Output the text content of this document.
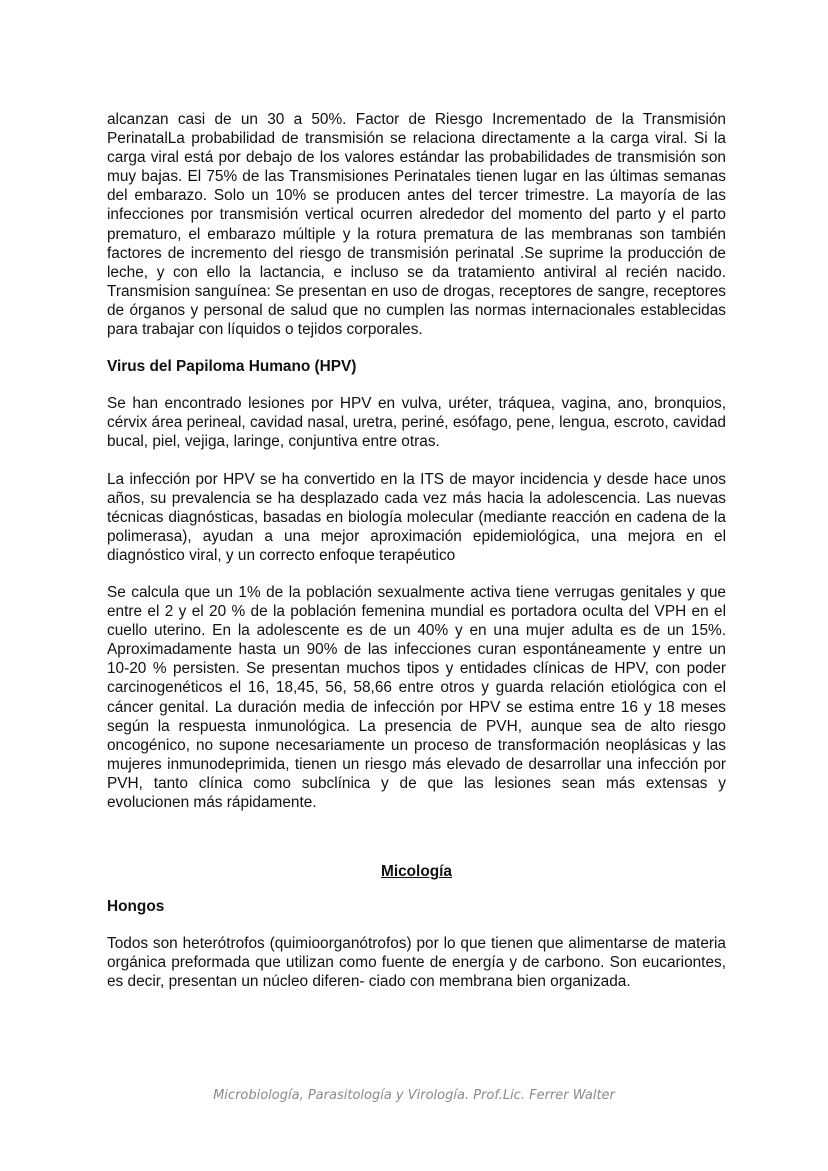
alcanzan casi de un 30 a 50%. Factor de Riesgo Incrementado de la Transmisión PerinatalLa probabilidad de transmisión se relaciona directamente a la carga viral. Si la carga viral está por debajo de los valores estándar las probabilidades de transmisión son muy bajas. El 75% de las Transmisiones Perinatales tienen lugar en las últimas semanas del embarazo. Solo un 10% se producen antes del tercer trimestre. La mayoría de las infecciones por transmisión vertical ocurren alrededor del momento del parto y el parto prematuro, el embarazo múltiple y la rotura prematura de las membranas son también factores de incremento del riesgo de transmisión perinatal .Se suprime la producción de leche, y con ello la lactancia, e incluso se da tratamiento antiviral al recién nacido. Transmision sanguínea: Se presentan en uso de drogas, receptores de sangre, receptores de órganos y personal de salud que no cumplen las normas internacionales establecidas para trabajar con líquidos o tejidos corporales.

Virus del Papiloma Humano (HPV)

Se han encontrado lesiones por HPV en vulva, uréter, tráquea, vagina, ano, bronquios, cérvix área perineal, cavidad nasal, uretra, periné, esófago, pene, lengua, escroto, cavidad bucal, piel, vejiga, laringe, conjuntiva entre otras.

La infección por HPV se ha convertido en la ITS de mayor incidencia y desde hace unos años, su prevalencia se ha desplazado cada vez más hacia la adolescencia. Las nuevas técnicas diagnósticas, basadas en biología molecular (mediante reacción en cadena de la polimerasa), ayudan a una mejor aproximación epidemiológica, una mejora en el diagnóstico viral, y un correcto enfoque terapéutico

Se calcula que un 1% de la población sexualmente activa tiene verrugas genitales y que entre el 2 y el 20 % de la población femenina mundial es portadora oculta del VPH en el cuello uterino. En la adolescente es de un 40% y en una mujer adulta es de un 15%. Aproximadamente hasta un 90% de las infecciones curan espontáneamente y entre un 10-20 % persisten. Se presentan muchos tipos y entidades clínicas de HPV, con poder carcinogenéticos el 16, 18,45, 56, 58,66 entre otros y guarda relación etiológica con el cáncer genital. La duración media de infección por HPV se estima entre 16 y 18 meses según la respuesta inmunológica. La presencia de PVH, aunque sea de alto riesgo oncogénico, no supone necesariamente un proceso de transformación neoplásicas y las mujeres inmunodeprimida, tienen un riesgo más elevado de desarrollar una infección por PVH, tanto clínica como subclínica y de que las lesiones sean más extensas y evolucionen más rápidamente.

Micología
Hongos

Todos son heterótrofos (quimioorganótrofos) por lo que tienen que alimentarse de materia orgánica preformada que utilizan como fuente de energía y de carbono. Son eucariontes, es decir, presentan un núcleo diferen- ciado con membrana bien organizada.

Microbiología, Parasitología y Virología. Prof.Lic. Ferrer Walter
